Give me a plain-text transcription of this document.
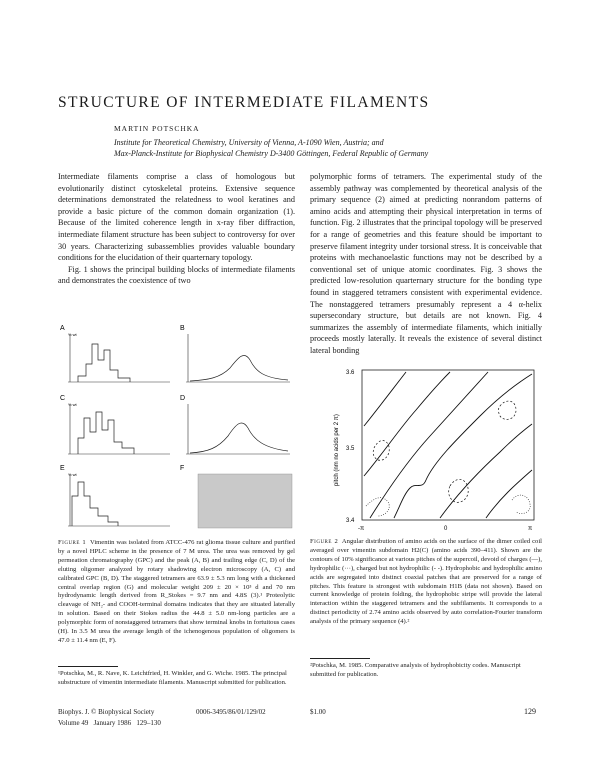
STRUCTURE OF INTERMEDIATE FILAMENTS
MARTIN POTSCHKA
Institute for Theoretical Chemistry, University of Vienna, A-1090 Wien, Austria; and
Max-Planck-Institute for Biophysical Chemistry D-3400 Göttingen, Federal Republic of Germany

Intermediate filaments comprise a class of homologous but evolutionarily distinct cytoskeletal proteins. Extensive sequence determinations demonstrated the relatedness to wool keratines and provide a basic picture of the common domain organization (1). Because of the limited coherence length in x-ray fiber diffraction, intermediate filament structure has been subject to controversy for over 30 years. Characterizing subassemblies provides valuable boundary conditions for the elucidation of their quarternary topology.

Fig. 1 shows the principal building blocks of intermediate filaments and demonstrates the coexistence of two

A
% wt
B
C
% wt
D
E
% wt
F
Figure 1 Vimentin was isolated from ATCC-476 rat glioma tissue culture and purified by a novel HPLC scheme in the presence of 7 M urea. The urea was removed by gel permeation chromatography (GPC) and the peak (A, B) and trailing edge (C, D) of the eluting oligomer analyzed by rotary shadowing electron microscopy (A, C) and calibrated GPC (B, D). The staggered tetramers are 63.9 ± 5.3 nm long with a thickened central overlap region (G) and molecular weight 209 ± 20 × 10³ d and 70 nm hydrodynamic length derived from R_Stokes = 9.7 nm and 4.8S (3).¹ Proteolytic cleavage of NH₂- and COOH-terminal domains indicates that they are situated laterally in solution. Based on their Stokes radius the 44.8 ± 5.0 nm-long particles are a polymorphic form of nonstaggered tetramers that show terminal knobs in fortuitous cases (H). In 3.5 M urea the average length of the ichenogenous population of oligomers is 47.0 ± 11.4 nm (E, F).

polymorphic forms of tetramers. The experimental study of the assembly pathway was complemented by theoretical analysis of the primary sequence (2) aimed at predicting nonrandom patterns of amino acids and attempting their physical interpretation in terms of function. Fig. 2 illustrates that the principal topology will be preserved for a range of geometries and this feature should be important to preserve filament integrity under torsional stress. It is conceivable that proteins with mechanoelastic functions may not be described by a conventional set of unique atomic coordinates. Fig. 3 shows the predicted low-resolution quarternary structure for the bonding type found in staggered tetramers consistent with experimental evidence. The nonstaggered tetramers presumably represent a 4 α-helix supersecondary structure, but details are not known. Fig. 4 summarizes the assembly of intermediate filaments, which initially proceeds mostly laterally. It reveals the existence of several distinct lateral bonding

pitch (nm no acids per 2 π)
3.6
3.5
3.4
-π	0	π
Figure 2 Angular distribution of amino acids on the surface of the dimer coiled coil averaged over vimentin subdomain H2(C) (amino acids 390–411). Shown are the contours of 10% significance at various pitches of the supercoil, devoid of charges (—), hydrophilic (···), charged but not hydrophilic (- -). Hydrophobic and hydrophilic amino acids are segregated into distinct coaxial patches that are preserved for a range of pitches. This feature is strongest with subdomain H1B (data not shown). Based on current knowledge of protein folding, the hydrophobic stripe will provide the lateral interaction within the staggered tetramers and the subfilaments. It corresponds to a distinct periodicity of 2.74 amino acids observed by auto correlation-Fourier transform analysis of the primary sequence (4).²
¹Potschka, M., R. Nave, K. Leichtfried, H. Winkler, and G. Wiche. 1985. The principal substructure of vimentin intermediate filaments. Manuscript submitted for publication.
²Potschka, M. 1985. Comparative analysis of hydrophobicity codes. Manuscript submitted for publication.
Biophys. J. © Biophysical Society	0006-3495/86/01/129/02	$1.00
Volume 49   January 1986   129–130
129
